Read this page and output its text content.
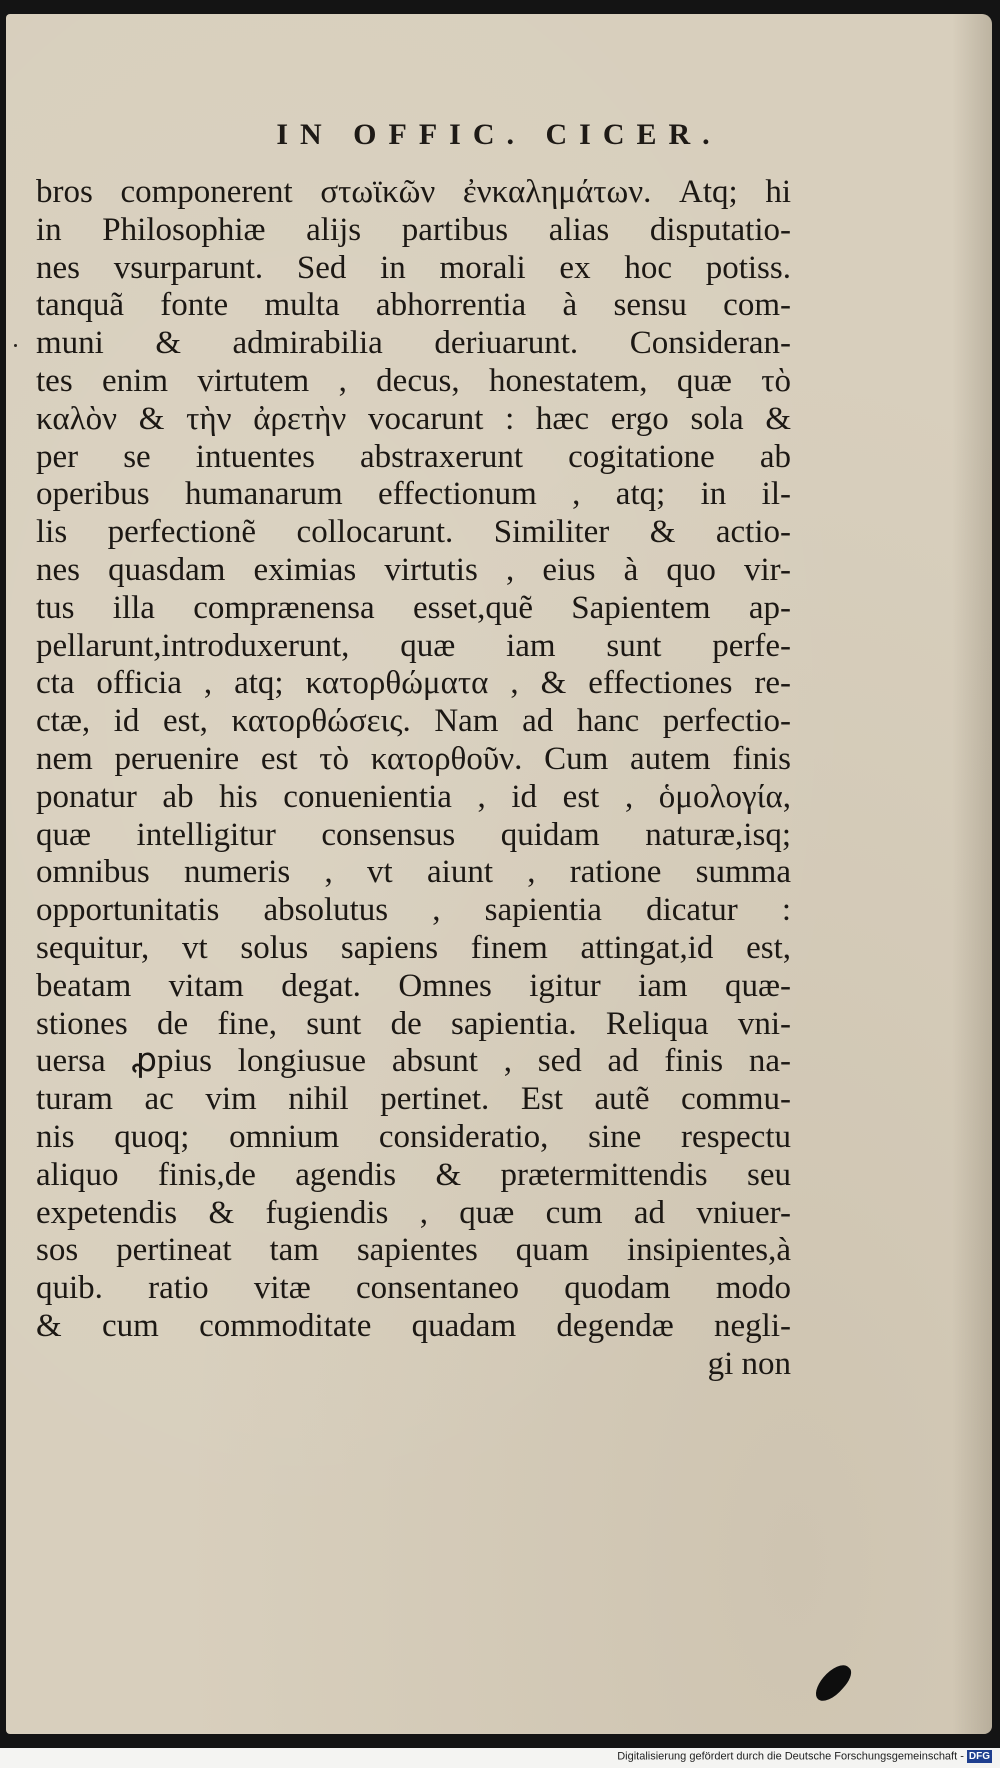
IN OFFIC. CICER.
bros componerent στωϊκῶν ἐνκαλημάτων. Atq; hi
in Philosophiæ alijs partibus alias disputatio-
nes vsurparunt. Sed in morali ex hoc potiss.
tanquã fonte multa abhorrentia à sensu com-
muni & admirabilia deriuarunt. Consideran-
tes enim virtutem , decus, honestatem, quæ τὸ
καλὸν & τὴν ἀρετὴν vocarunt : hæc ergo sola &
per se intuentes abstraxerunt cogitatione ab
operibus humanarum effectionum , atq; in il-
lis perfectionẽ collocarunt. Similiter & actio-
nes quasdam eximias virtutis , eius à quo vir-
tus illa comprænensa esset,quẽ Sapientem ap-
pellarunt,introduxerunt, quæ iam sunt perfe-
cta officia , atq; κατορθώματα , & effectiones re-
ctæ, id est, κατορθώσεις. Nam ad hanc perfectio-
nem peruenire est τὸ κατορθοῦν. Cum autem finis
ponatur ab his conuenientia , id est , ὁμολογία,
quæ intelligitur consensus quidam naturæ,isq;
omnibus numeris , vt aiunt , ratione summa
opportunitatis absolutus , sapientia dicatur :
sequitur, vt solus sapiens finem attingat,id est,
beatam vitam degat. Omnes igitur iam quæ-
stiones de fine, sunt de sapientia. Reliqua vni-
uersa ꝓpius longiusue absunt , sed ad finis na-
turam ac vim nihil pertinet. Est autẽ commu-
nis quoq; omnium consideratio, sine respectu
aliquo finis,de agendis & prætermittendis seu
expetendis & fugiendis , quæ cum ad vniuer-
sos pertineat tam sapientes quam insipientes,à
quib. ratio vitæ consentaneo quodam modo
& cum commoditate quadam degendæ negli-
gi non
Digitalisierung gefördert durch die Deutsche Forschungsgemeinschaft - DFG
